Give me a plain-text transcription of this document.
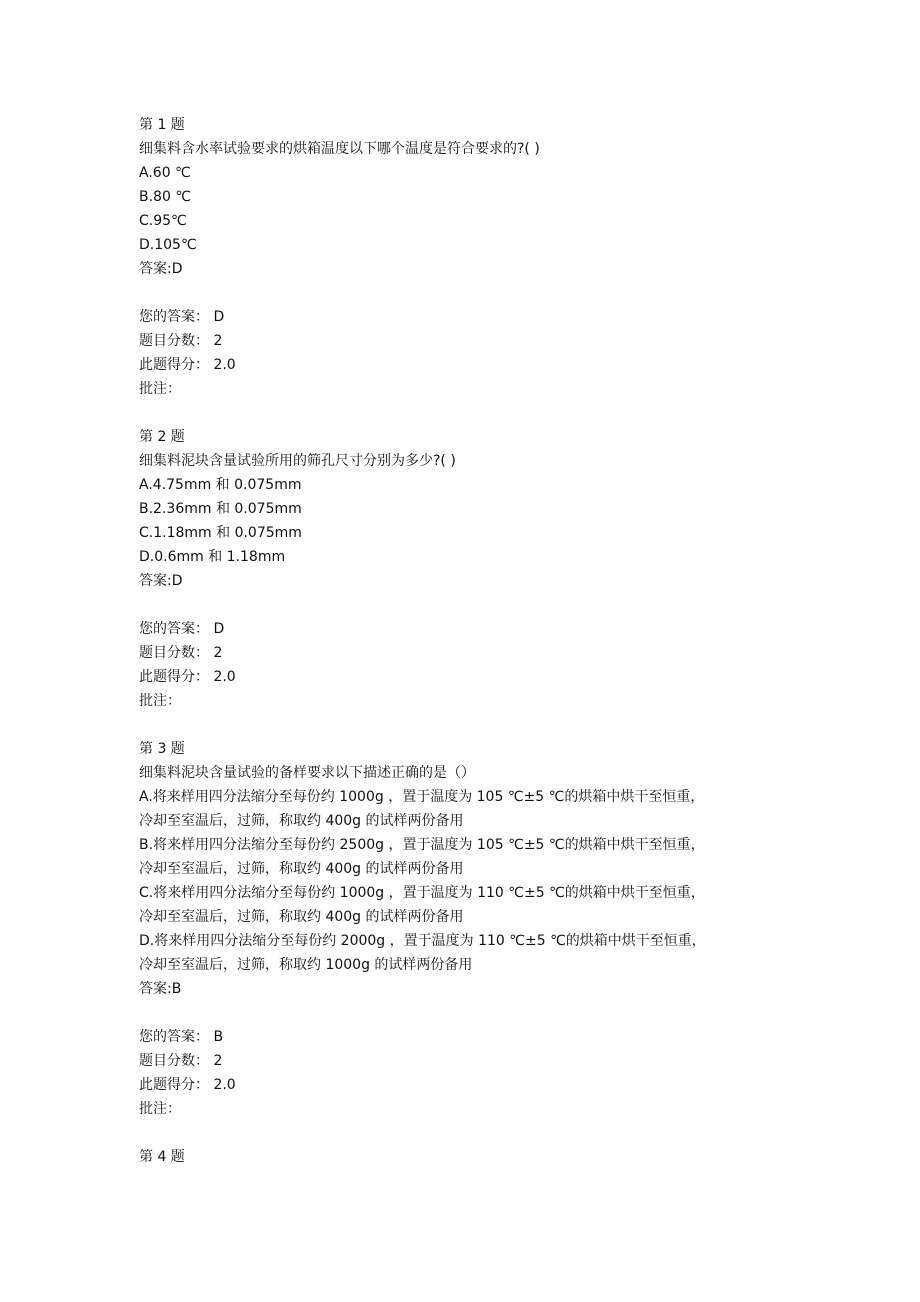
第 1 题
细集料含水率试验要求的烘箱温度以下哪个温度是符合要求的?( )
A.60 ℃
B.80 ℃
C.95℃
D.105℃
答案:D
您的答案： D
题目分数： 2
此题得分： 2.0
批注：
第 2 题
细集料泥块含量试验所用的筛孔尺寸分别为多少?( )
A.4.75mm 和 0.075mm
B.2.36mm 和 0.075mm
C.1.18mm 和 0.075mm
D.0.6mm 和 1.18mm
答案:D
您的答案： D
题目分数： 2
此题得分： 2.0
批注：
第 3 题
细集料泥块含量试验的备样要求以下描述正确的是（）
A.将来样用四分法缩分至每份约 1000g ，置于温度为 105 ℃±5 ℃的烘箱中烘干至恒重，
冷却至室温后，过筛，称取约 400g 的试样两份备用
B.将来样用四分法缩分至每份约 2500g ，置于温度为 105 ℃±5 ℃的烘箱中烘干至恒重，
冷却至室温后，过筛，称取约 400g 的试样两份备用
C.将来样用四分法缩分至每份约 1000g ，置于温度为 110 ℃±5 ℃的烘箱中烘干至恒重，
冷却至室温后，过筛，称取约 400g 的试样两份备用
D.将来样用四分法缩分至每份约 2000g ，置于温度为 110 ℃±5 ℃的烘箱中烘干至恒重，
冷却至室温后，过筛，称取约 1000g 的试样两份备用
答案:B
您的答案： B
题目分数： 2
此题得分： 2.0
批注：
第 4 题
